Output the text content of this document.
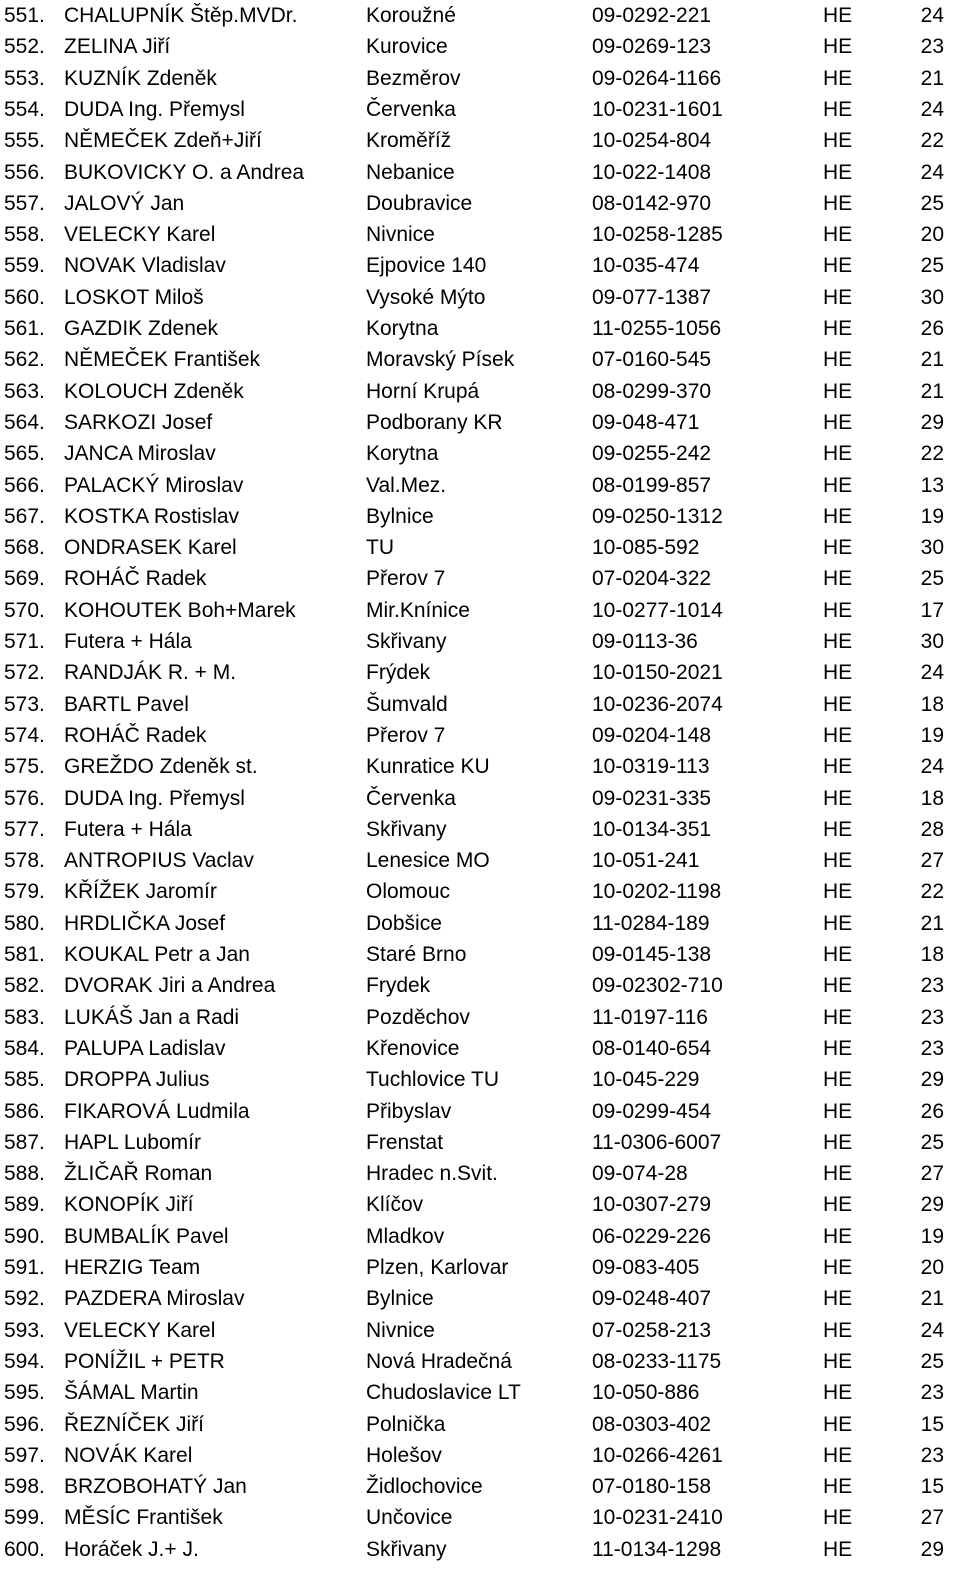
551. CHALUPNÍK Štěp.MVDr.	Koroužné	09-0292-221	HE	24
552. ZELINA Jiří	Kurovice	09-0269-123	HE	23
553. KUZNÍK Zdeněk	Bezměrov	09-0264-1166	HE	21
554. DUDA Ing. Přemysl	Červenka	10-0231-1601	HE	24
555. NĚMEČEK Zdeň+Jiří	Kroměříž	10-0254-804	HE	22
556. BUKOVICKY O. a Andrea	Nebanice	10-022-1408	HE	24
557. JALOVÝ Jan	Doubravice	08-0142-970	HE	25
558. VELECKY Karel	Nivnice	10-0258-1285	HE	20
559. NOVAK Vladislav	Ejpovice 140	10-035-474	HE	25
560. LOSKOT Miloš	Vysoké Mýto	09-077-1387	HE	30
561. GAZDIK Zdenek	Korytna	11-0255-1056	HE	26
562. NĚMEČEK František	Moravský Písek	07-0160-545	HE	21
563. KOLOUCH Zdeněk	Horní Krupá	08-0299-370	HE	21
564. SARKOZI Josef	Podborany KR	09-048-471	HE	29
565. JANCA Miroslav	Korytna	09-0255-242	HE	22
566. PALACKÝ Miroslav	Val.Mez.	08-0199-857	HE	13
567. KOSTKA Rostislav	Bylnice	09-0250-1312	HE	19
568. ONDRASEK Karel	TU	10-085-592	HE	30
569. ROHÁČ Radek	Přerov 7	07-0204-322	HE	25
570. KOHOUTEK Boh+Marek	Mir.Knínice	10-0277-1014	HE	17
571. Futera + Hála	Skřivany	09-0113-36	HE	30
572. RANDJÁK R. + M.	Frýdek	10-0150-2021	HE	24
573. BARTL Pavel	Šumvald	10-0236-2074	HE	18
574. ROHÁČ Radek	Přerov 7	09-0204-148	HE	19
575. GREŽDO Zdeněk st.	Kunratice KU	10-0319-113	HE	24
576. DUDA Ing. Přemysl	Červenka	09-0231-335	HE	18
577. Futera + Hála	Skřivany	10-0134-351	HE	28
578. ANTROPIUS Vaclav	Lenesice MO	10-051-241	HE	27
579. KŘÍŽEK Jaromír	Olomouc	10-0202-1198	HE	22
580. HRDLIČKA Josef	Dobšice	11-0284-189	HE	21
581. KOUKAL Petr a Jan	Staré Brno	09-0145-138	HE	18
582. DVORAK Jiri a Andrea	Frydek	09-02302-710	HE	23
583. LUKÁŠ Jan a Radi	Pozděchov	11-0197-116	HE	23
584. PALUPA Ladislav	Křenovice	08-0140-654	HE	23
585. DROPPA Julius	Tuchlovice TU	10-045-229	HE	29
586. FIKAROVÁ Ludmila	Přibyslav	09-0299-454	HE	26
587. HAPL Lubomír	Frenstat	11-0306-6007	HE	25
588. ŽLIČAŘ Roman	Hradec n.Svit.	09-074-28	HE	27
589. KONOPÍK Jiří	Klíčov	10-0307-279	HE	29
590. BUMBALÍK Pavel	Mladkov	06-0229-226	HE	19
591. HERZIG Team	Plzen, Karlovar	09-083-405	HE	20
592. PAZDERA Miroslav	Bylnice	09-0248-407	HE	21
593. VELECKY Karel	Nivnice	07-0258-213	HE	24
594. PONÍŽIL + PETR	Nová Hradečná	08-0233-1175	HE	25
595. ŠÁMAL Martin	Chudoslavice LT	10-050-886	HE	23
596. ŘEZNÍČEK Jiří	Polnička	08-0303-402	HE	15
597. NOVÁK Karel	Holešov	10-0266-4261	HE	23
598. BRZOBOHATÝ Jan	Židlochovice	07-0180-158	HE	15
599. MĚSÍC František	Unčovice	10-0231-2410	HE	27
600. Horáček J.+ J.	Skřivany	11-0134-1298	HE	29
